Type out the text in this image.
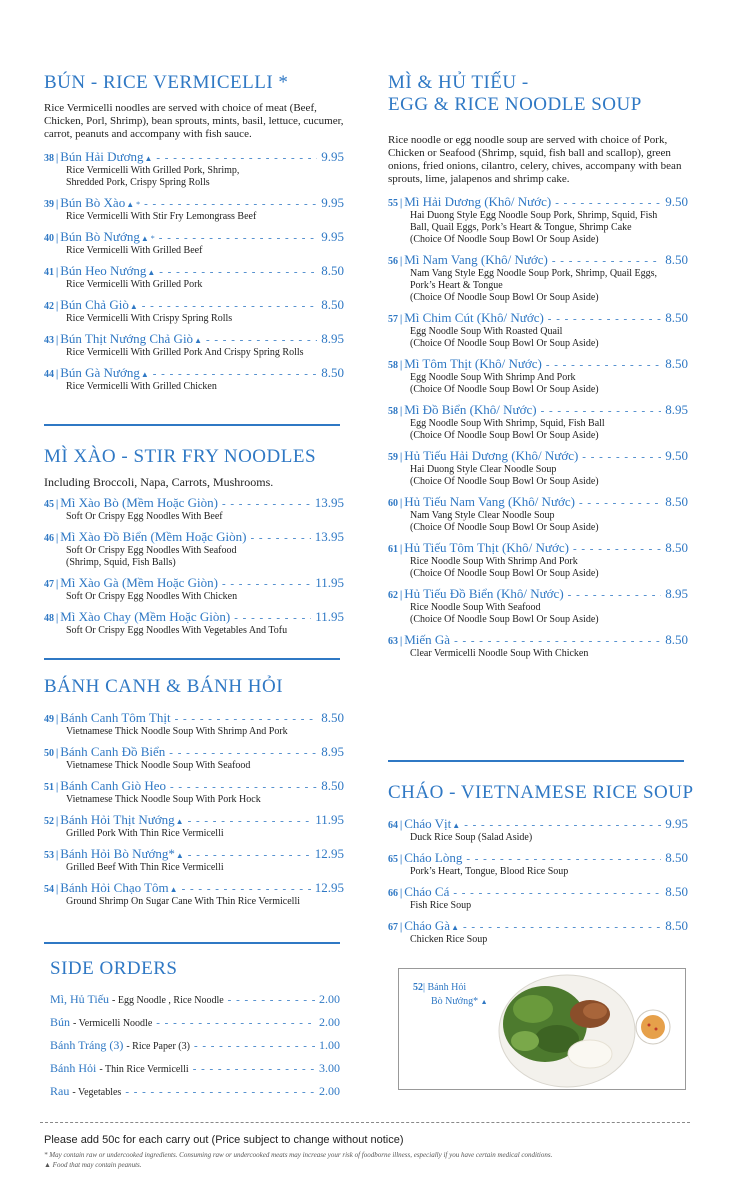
BÚN - RICE VERMICELLI *
Rice Vermicelli noodles are served with choice of meat (Beef, Chicken, Porl, Shrimp), bean sprouts, mints, basil, lettuce, cucumer, carrot, peanuts and accompany with fish sauce.
38 | Bún Hải Dương ▲ - - -	9.95
Rice Vermicelli With Grilled Pork, Shrimp,
Shredded Pork, Crispy Spring Rolls
39 | Bún Bò Xào ▲ * - - -	9.95
Rice Vermicelli With Stir Fry Lemongrass Beef
40 | Bún Bò Nướng ▲ * - - -	9.95
Rice Vermicelli With Grilled Beef
41 | Bún Heo Nướng ▲ - - -	8.50
Rice Vermicelli With Grilled Pork
42 | Bún Chả Giò ▲ - - -	8.50
Rice Vermicelli With Crispy Spring Rolls
43 | Bún Thịt Nướng Chả Giò ▲ - - -	8.95
Rice Vermicelli With Grilled Pork And Crispy Spring Rolls
44 | Bún Gà Nướng ▲ - - -	8.50
Rice Vermicelli With Grilled Chicken
MÌ XÀO - STIR FRY NOODLES
Including Broccoli, Napa, Carrots, Mushrooms.
45 | Mì Xào Bò (Mềm Hoặc Giòn) - - -	13.95
Soft Or Crispy Egg Noodles With Beef
46 | Mì Xào Đồ Biển (Mềm Hoặc Giòn) - - -	13.95
Soft Or Crispy Egg Noodles With Seafood
(Shrimp, Squid, Fish Balls)
47 | Mì Xào Gà (Mềm Hoặc Giòn) - - -	11.95
Soft Or Crispy Egg Noodles With Chicken
48 | Mì Xào Chay (Mềm Hoặc Giòn) - - -	11.95
Soft Or Crispy Egg Noodles With Vegetables And Tofu
BÁNH CANH & BÁNH HỎI
49 | Bánh Canh Tôm Thịt - - -	8.50
Vietnamese Thick Noodle Soup With Shrimp And Pork
50 | Bánh Canh Đồ Biển - - -	8.95
Vietnamese Thick Noodle Soup With Seafood
51 | Bánh Canh Giò Heo - - -	8.50
Vietnamese Thick Noodle Soup With Pork Hock
52 | Bánh Hỏi Thịt Nướng ▲ - - -	11.95
Grilled Pork With Thin Rice Vermicelli
53 | Bánh Hỏi Bò Nướng* ▲ - - -	12.95
Grilled Beef With Thin Rice Vermicelli
54 | Bánh Hỏi Chạo Tôm ▲ - - -	12.95
Ground Shrimp On Sugar Cane With Thin Rice Vermicelli
SIDE ORDERS
Mì, Hủ Tiếu - Egg Noodle , Rice Noodle - - -	2.00
Bún - Vermicelli Noodle - - -	2.00
Bánh Tráng (3) - Rice Paper (3) - - -	1.00
Bánh Hỏi - Thin Rice Vermicelli - - -	3.00
Rau - Vegetables - - -	2.00
MÌ & HỦ TIẾU -
EGG & RICE NOODLE SOUP
Rice noodle or egg noodle soup are served with choice of Pork, Chicken or Seafood (Shrimp, squid, fish ball and scallop), green onions, fried onions, cilantro, celery, chives, accompany with bean sprouts, lime, jalapenos and shrimp cake.
55 | Mì Hải Dương (Khô/ Nước) - - -	9.50
Hai Duong Style Egg Noodle Soup Pork, Shrimp, Squid, Fish
Ball, Quail Eggs, Pork’s Heart & Tongue, Shrimp Cake
(Choice Of Noodle Soup Bowl Or Soup Aside)
56 | Mì Nam Vang (Khô/ Nước) - - -	8.50
Nam Vang Style Egg Noodle Soup Pork, Shrimp, Quail Eggs,
Pork’s Heart & Tongue
(Choice Of Noodle Soup Bowl Or Soup Aside)
57 | Mì Chim Cút (Khô/ Nước) - - -	8.50
Egg Noodle Soup With Roasted Quail
(Choice Of Noodle Soup Bowl Or Soup Aside)
58 | Mì Tôm Thịt (Khô/ Nước) - - -	8.50
Egg Noodle Soup With Shrimp And Pork
(Choice Of Noodle Soup Bowl Or Soup Aside)
58 | Mì Đồ Biển (Khô/ Nước) - - -	8.95
Egg Noodle Soup With Shrimp, Squid, Fish Ball
(Choice Of Noodle Soup Bowl Or Soup Aside)
59 | Hủ Tiếu Hải Dương (Khô/ Nước) - - -	9.50
Hai Duong Style Clear Noodle Soup
(Choice Of Noodle Soup Bowl Or Soup Aside)
60 | Hủ Tiếu Nam Vang (Khô/ Nước) - - -	8.50
Nam Vang Style Clear Noodle Soup
(Choice Of Noodle Soup Bowl Or Soup Aside)
61 | Hủ Tiếu Tôm Thịt (Khô/ Nước) - - -	8.50
Rice Noodle Soup With Shrimp And Pork
(Choice Of Noodle Soup Bowl Or Soup Aside)
62 | Hủ Tiếu Đồ Biển (Khô/ Nước) - - -	8.95
Rice Noodle Soup With Seafood
(Choice Of Noodle Soup Bowl Or Soup Aside)
63 | Miến Gà - - -	8.50
Clear Vermicelli Noodle Soup With Chicken
CHÁO - VIETNAMESE RICE SOUP
64 | Cháo Vịt ▲ - - -	9.95
Duck Rice Soup (Salad Aside)
65 | Cháo Lòng - - -	8.50
Pork’s Heart, Tongue, Blood Rice Soup
66 | Cháo Cá - - -	8.50
Fish Rice Soup
67 | Cháo Gà ▲ - - -	8.50
Chicken Rice Soup
52| Bánh Hỏi
Bò Nướng* ▲
Please add 50c for each carry out (Price subject to change without notice)
* May contain raw or undercooked ingredients. Consuming raw or undercooked meats may increase your risk of foodborne illness, especially if you have certain medical conditions.
▲ Food that may contain peanuts.
